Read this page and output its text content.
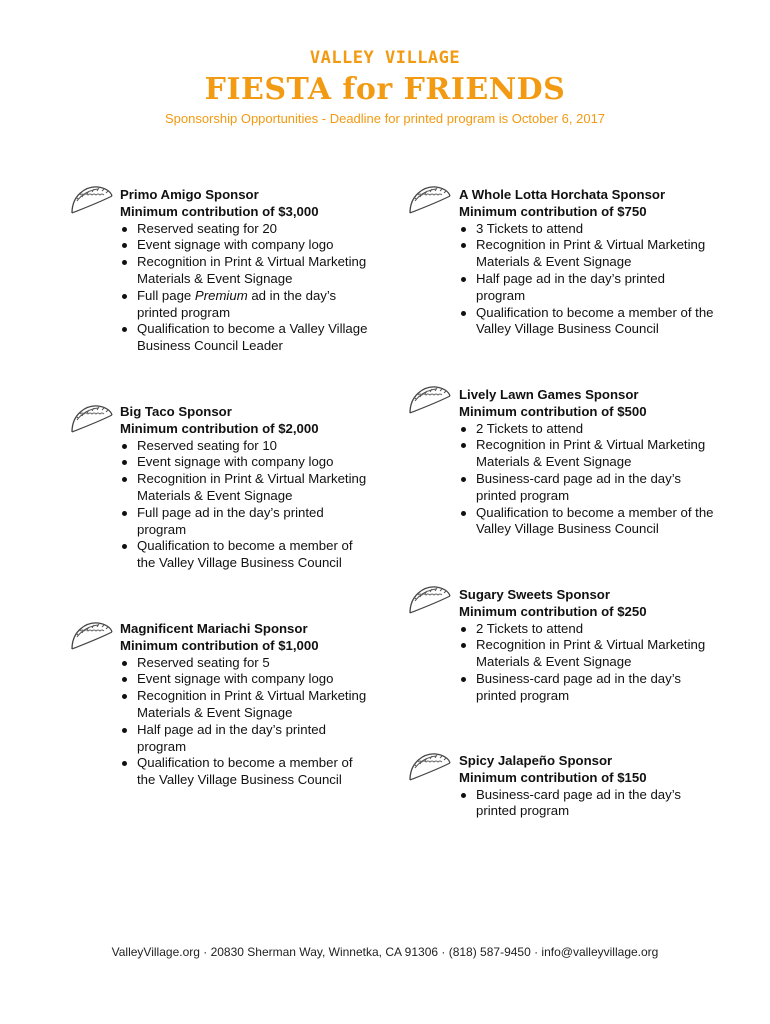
VALLEY VILLAGE
FIESTA for FRIENDS
Sponsorship Opportunities - Deadline for printed program is October 6, 2017
Primo Amigo Sponsor
Minimum contribution of $3,000
Reserved seating for 20
Event signage with company logo
Recognition in Print & Virtual Marketing Materials & Event Signage
Full page Premium ad in the day’s printed program
Qualification to become a Valley Village Business Council Leader
Big Taco Sponsor
Minimum contribution of $2,000
Reserved seating for 10
Event signage with company logo
Recognition in Print & Virtual Marketing Materials & Event Signage
Full page ad in the day’s printed program
Qualification to become a member of the Valley Village Business Council
Magnificent Mariachi Sponsor
Minimum contribution of $1,000
Reserved seating for 5
Event signage with company logo
Recognition in Print & Virtual Marketing Materials & Event Signage
Half page ad in the day’s printed program
Qualification to become a member of the Valley Village Business Council
A Whole Lotta Horchata Sponsor
Minimum contribution of $750
3 Tickets to attend
Recognition in Print & Virtual Marketing Materials & Event Signage
Half page ad in the day’s printed program
Qualification to become a member of the Valley Village Business Council
Lively Lawn Games Sponsor
Minimum contribution of $500
2 Tickets to attend
Recognition in Print & Virtual Marketing Materials & Event Signage
Business-card page ad in the day’s printed program
Qualification to become a member of the Valley Village Business Council
Sugary Sweets Sponsor
Minimum contribution of $250
2 Tickets to attend
Recognition in Print & Virtual Marketing Materials & Event Signage
Business-card page ad in the day’s printed program
Spicy Jalapeño Sponsor
Minimum contribution of $150
Business-card page ad in the day’s printed program
ValleyVillage.org · 20830 Sherman Way, Winnetka, CA 91306 · (818) 587-9450 · info@valleyvillage.org
